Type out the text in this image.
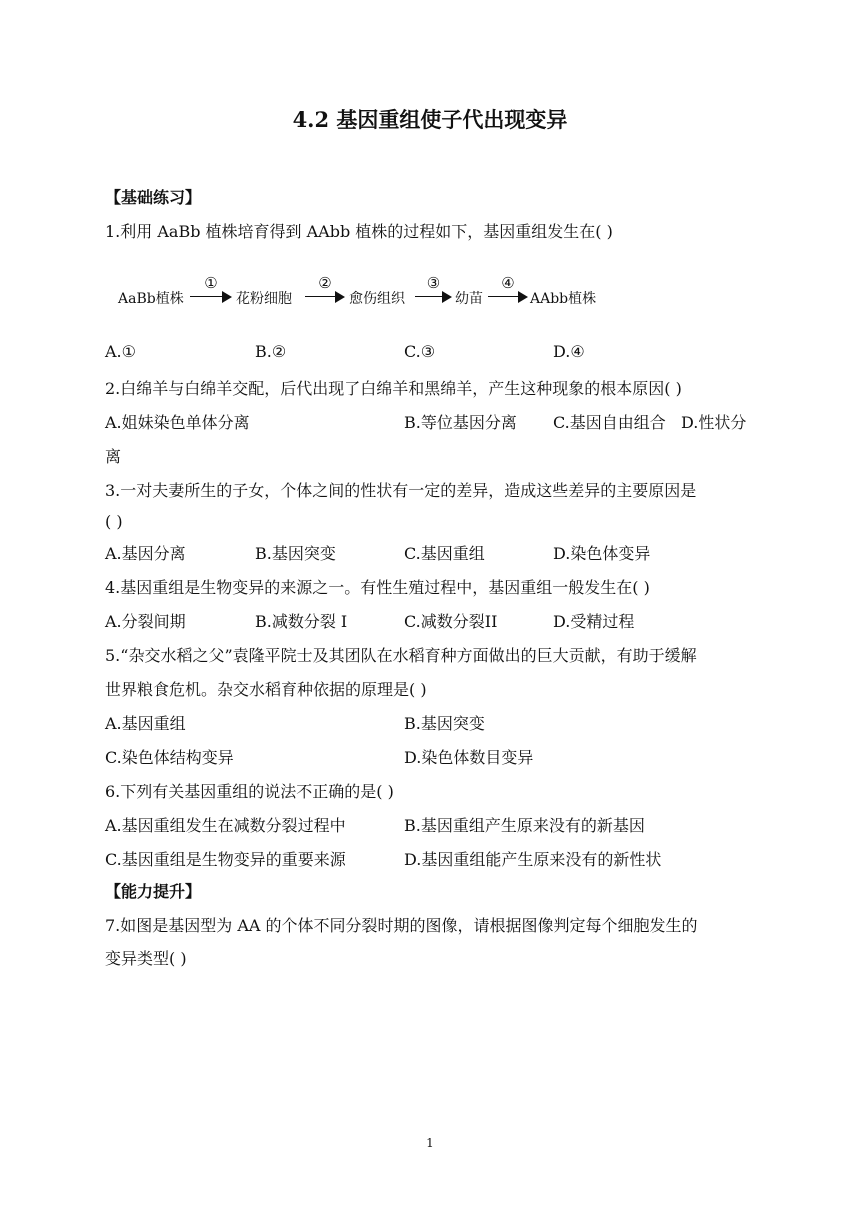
4.2 基因重组使子代出现变异
【基础练习】
1.利用 AaBb 植株培育得到 AAbb 植株的过程如下，基因重组发生在( )
AaBb植株
①
花粉细胞
②
愈伤组织
③
幼苗
④
AAbb植株
A.①	B.②	C.③	D.④
2.白绵羊与白绵羊交配，后代出现了白绵羊和黑绵羊，产生这种现象的根本原因( )
A.姐妹染色单体分离	B.等位基因分离 C.基因自由组合 D.性状分
离
3.一对夫妻所生的子女，个体之间的性状有一定的差异，造成这些差异的主要原因是
( )
A.基因分离	B.基因突变	C.基因重组	D.染色体变异
4.基因重组是生物变异的来源之一。有性生殖过程中，基因重组一般发生在( )
A.分裂间期	B.减数分裂 I	C.减数分裂II	D.受精过程
5.“杂交水稻之父”袁隆平院士及其团队在水稻育种方面做出的巨大贡献，有助于缓解
世界粮食危机。杂交水稻育种依据的原理是( )
A.基因重组	B.基因突变
C.染色体结构变异	D.染色体数目变异
6.下列有关基因重组的说法不正确的是( )
A.基因重组发生在减数分裂过程中	B.基因重组产生原来没有的新基因
C.基因重组是生物变异的重要来源	D.基因重组能产生原来没有的新性状
【能力提升】
7.如图是基因型为 AA 的个体不同分裂时期的图像，请根据图像判定每个细胞发生的
变异类型( )
1
